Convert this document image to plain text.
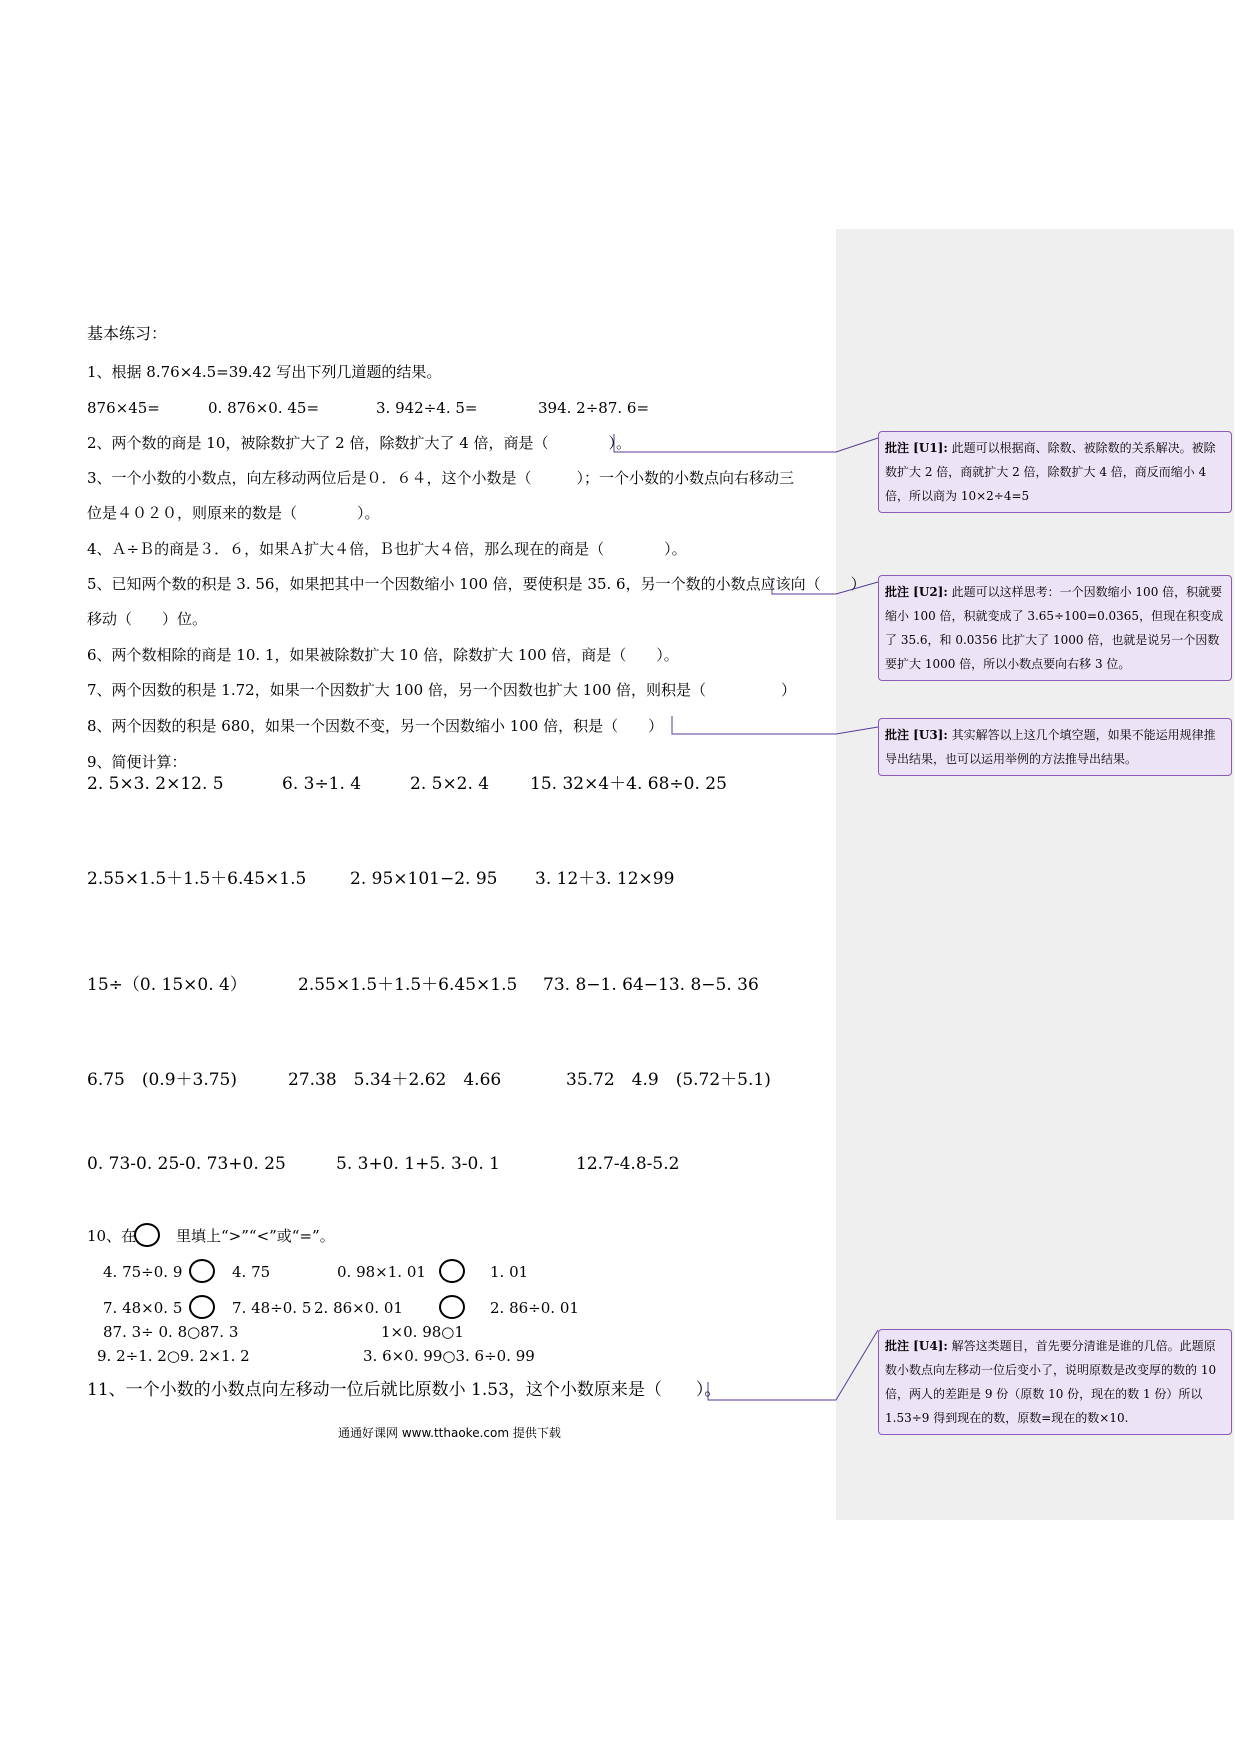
基本练习：
1、根据 8.76×4.5=39.42 写出下列几道题的结果。
876×45=	0. 876×0. 45=	3. 942÷4. 5=	394. 2÷87. 6=
2、两个数的商是 10，被除数扩大了 2 倍，除数扩大了 4 倍，商是（　　　　）。
3、一个小数的小数点，向左移动两位后是０．６４，这个小数是（　　　）；一个小数的小数点向右移动三
位是４０２０，则原来的数是（　　　　）。
4、Ａ÷Ｂ的商是３．６，如果Ａ扩大４倍，Ｂ也扩大４倍，那么现在的商是（　　　　）。
5、已知两个数的积是 3. 56，如果把其中一个因数缩小 100 倍，要使积是 35. 6，另一个数的小数点应该向（　　）
移动（　　）位。
6、两个数相除的商是 10. 1，如果被除数扩大 10 倍，除数扩大 100 倍，商是（　　）。
7、两个因数的积是 1.72，如果一个因数扩大 100 倍，另一个因数也扩大 100 倍，则积是（　　　　　）
8、两个因数的积是 680，如果一个因数不变，另一个因数缩小 100 倍，积是（　　）
9、简便计算：
2. 5×3. 2×12. 5	6. 3÷1. 4	2. 5×2. 4 15. 32×4＋4. 68÷0. 25
2.55×1.5＋1.5＋6.45×1.5	2. 95×101−2. 95 3. 12＋3. 12×99
15÷（0. 15×0. 4）	2.55×1.5＋1.5＋6.45×1.5 73. 8−1. 64−13. 8−5. 36
6.75　(0.9＋3.75)	27.38　5.34＋2.62　4.66	35.72　4.9　(5.72＋5.1)
0. 73-0. 25-0. 73+0. 25	5. 3+0. 1+5. 3-0. 1	12.7-4.8-5.2
10、在	里填上“>”“<”或“=”。
4. 75÷0. 9	4. 75	0. 98×1. 01	1. 01
7. 48×0. 5	7. 48÷0. 5 2. 86×0. 01	2. 86÷0. 01
87. 3÷ 0. 8○87. 3	1×0. 98○1
9. 2÷1. 2○9. 2×1. 2	3. 6×0. 99○3. 6÷0. 99
11、一个小数的小数点向左移动一位后就比原数小 1.53，这个小数原来是（　　）。
通通好课网 www.tthaoke.com 提供下载
批注 [U1]: 此题可以根据商、除数、被除数的关系解决。被除数扩大 2 倍，商就扩大 2 倍，除数扩大 4 倍，商反而缩小 4 倍，所以商为 10×2÷4=5
批注 [U2]: 此题可以这样思考：一个因数缩小 100 倍，积就要缩小 100 倍，积就变成了 3.65÷100=0.0365，但现在积变成了 35.6，和 0.0356 比扩大了 1000 倍，也就是说另一个因数要扩大 1000 倍，所以小数点要向右移 3 位。
批注 [U3]: 其实解答以上这几个填空题，如果不能运用规律推导出结果，也可以运用举例的方法推导出结果。
批注 [U4]: 解答这类题目，首先要分清谁是谁的几倍。此题原数小数点向左移动一位后变小了，说明原数是改变厚的数的 10 倍，两人的差距是 9 份（原数 10 份，现在的数 1 份）所以 1.53÷9 得到现在的数，原数=现在的数×10.
